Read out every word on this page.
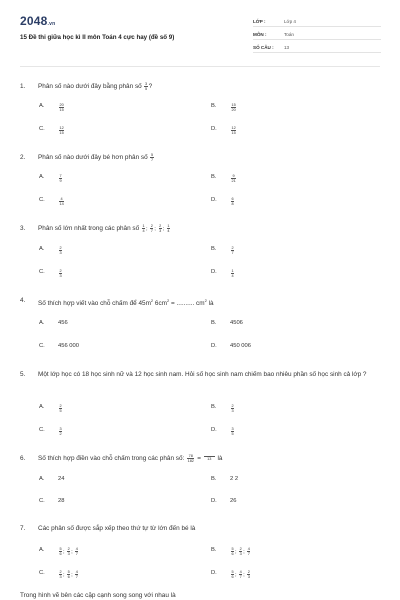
2048.vn
15 Đề thi giữa học kì II môn Toán 4 cực hay (đề số 9)
LỚP :	Lớp 4
MÔN :	Toán
SỐ CÂU :	13
1. Phân số nào dưới đây bằng phân số $\frac{3}{5}$ ?
A.	$\frac{20}{15}$	B.	$\frac{15}{20}$
C.	$\frac{12}{15}$	D.	$\frac{12}{15}$
2. Phân số nào dưới đây bé hơn phân số $\frac{5}{7}$
A.	$\frac{7}{9}$	B.	$\frac{9}{21}$
C.	$\frac{4}{14}$	D.	$\frac{6}{8}$
3. Phân số lớn nhất trong các phân số $\frac{1}{4}$ ; $\frac{2}{7}$ ; $\frac{2}{3}$ ; $\frac{1}{4}$
A.	$\frac{2}{3}$	B.	$\frac{2}{7}$
C.	$\frac{2}{3}$	D.	$\frac{1}{4}$
4. Số thích hợp viết vào chỗ chấm để $45m^2$ $6cm^2$ = .......... $cm^2$ là
A. 456	B. 4506
C. 456 000	D. 450 006
5. Một lớp học có 18 học sinh nữ và 12 học sinh nam. Hỏi số học sinh nam chiếm bao nhiêu phần số học sinh cả lớp ?
A.	$\frac{2}{5}$	B.	$\frac{2}{3}$
C.	$\frac{3}{2}$	D.	$\frac{3}{5}$
6. Số thích hợp điền vào chỗ chấm trong các phân số: $\frac{78}{182}$ =	13 là
A. 24	B. 2 2
C. 28	D. 26
7. Các phân số được sắp xếp theo thứ tự từ lớn đến bé là
A.	$\frac{5}{6}$ ; $\frac{2}{3}$ ; $\frac{4}{7}$	B.	$\frac{5}{6}$ ; $\frac{2}{3}$ ; $\frac{4}{7}$
C.	$\frac{2}{3}$ ; $\frac{5}{6}$ ; $\frac{4}{7}$	D.	$\frac{5}{6}$ ; $\frac{4}{7}$ ; $\frac{2}{3}$
Trong hình vẽ bên các cặp cạnh song song với nhau là
